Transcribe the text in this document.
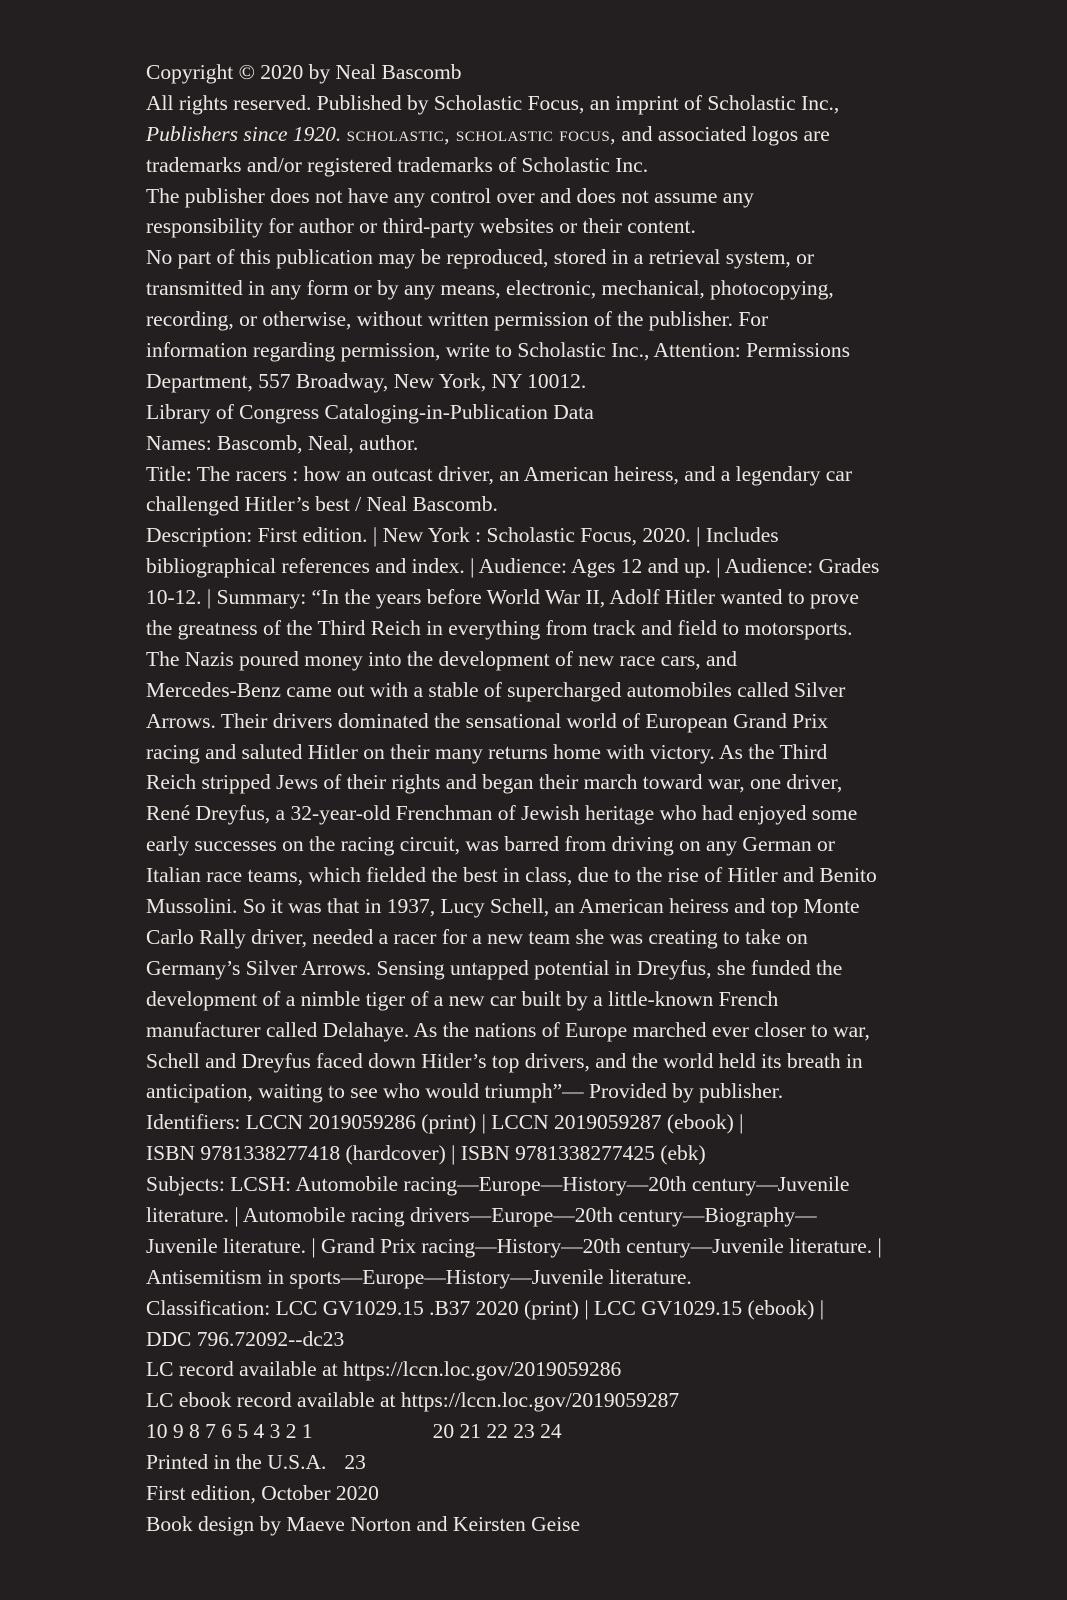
Copyright © 2020 by Neal Bascomb
All rights reserved. Published by Scholastic Focus, an imprint of Scholastic Inc.,
Publishers since 1920. scholastic, scholastic focus, and associated logos are
trademarks and/or registered trademarks of Scholastic Inc.
The publisher does not have any control over and does not assume any
responsibility for author or third-party websites or their content.
No part of this publication may be reproduced, stored in a retrieval system, or
transmitted in any form or by any means, electronic, mechanical, photocopying,
recording, or otherwise, without written permission of the publisher. For
information regarding permission, write to Scholastic Inc., Attention: Permissions
Department, 557 Broadway, New York, NY 10012.
Library of Congress Cataloging-in-Publication Data
Names: Bascomb, Neal, author.
Title: The racers : how an outcast driver, an American heiress, and a legendary car
challenged Hitler’s best / Neal Bascomb.
Description: First edition. | New York : Scholastic Focus, 2020. | Includes
bibliographical references and index. | Audience: Ages 12 and up. | Audience: Grades
10-12. | Summary: “In the years before World War II, Adolf Hitler wanted to prove
the greatness of the Third Reich in everything from track and field to motorsports.
The Nazis poured money into the development of new race cars, and
Mercedes-Benz came out with a stable of supercharged automobiles called Silver
Arrows. Their drivers dominated the sensational world of European Grand Prix
racing and saluted Hitler on their many returns home with victory. As the Third
Reich stripped Jews of their rights and began their march toward war, one driver,
René Dreyfus, a 32-year-old Frenchman of Jewish heritage who had enjoyed some
early successes on the racing circuit, was barred from driving on any German or
Italian race teams, which fielded the best in class, due to the rise of Hitler and Benito
Mussolini. So it was that in 1937, Lucy Schell, an American heiress and top Monte
Carlo Rally driver, needed a racer for a new team she was creating to take on
Germany’s Silver Arrows. Sensing untapped potential in Dreyfus, she funded the
development of a nimble tiger of a new car built by a little-known French
manufacturer called Delahaye. As the nations of Europe marched ever closer to war,
Schell and Dreyfus faced down Hitler’s top drivers, and the world held its breath in
anticipation, waiting to see who would triumph”— Provided by publisher.
Identifiers: LCCN 2019059286 (print) | LCCN 2019059287 (ebook) |
ISBN 9781338277418 (hardcover) | ISBN 9781338277425 (ebk)
Subjects: LCSH: Automobile racing—Europe—History—20th century—Juvenile
literature. | Automobile racing drivers—Europe—20th century—Biography—
Juvenile literature. | Grand Prix racing—History—20th century—Juvenile literature. |
Antisemitism in sports—Europe—History—Juvenile literature.
Classification: LCC GV1029.15 .B37 2020 (print) | LCC GV1029.15 (ebook) |
DDC 796.72092--dc23
LC record available at https://lccn.loc.gov/2019059286
LC ebook record available at https://lccn.loc.gov/2019059287
10 9 8 7 6 5 4 3 2 1	20 21 22 23 24
Printed in the U.S.A. 23
First edition, October 2020
Book design by Maeve Norton and Keirsten Geise
